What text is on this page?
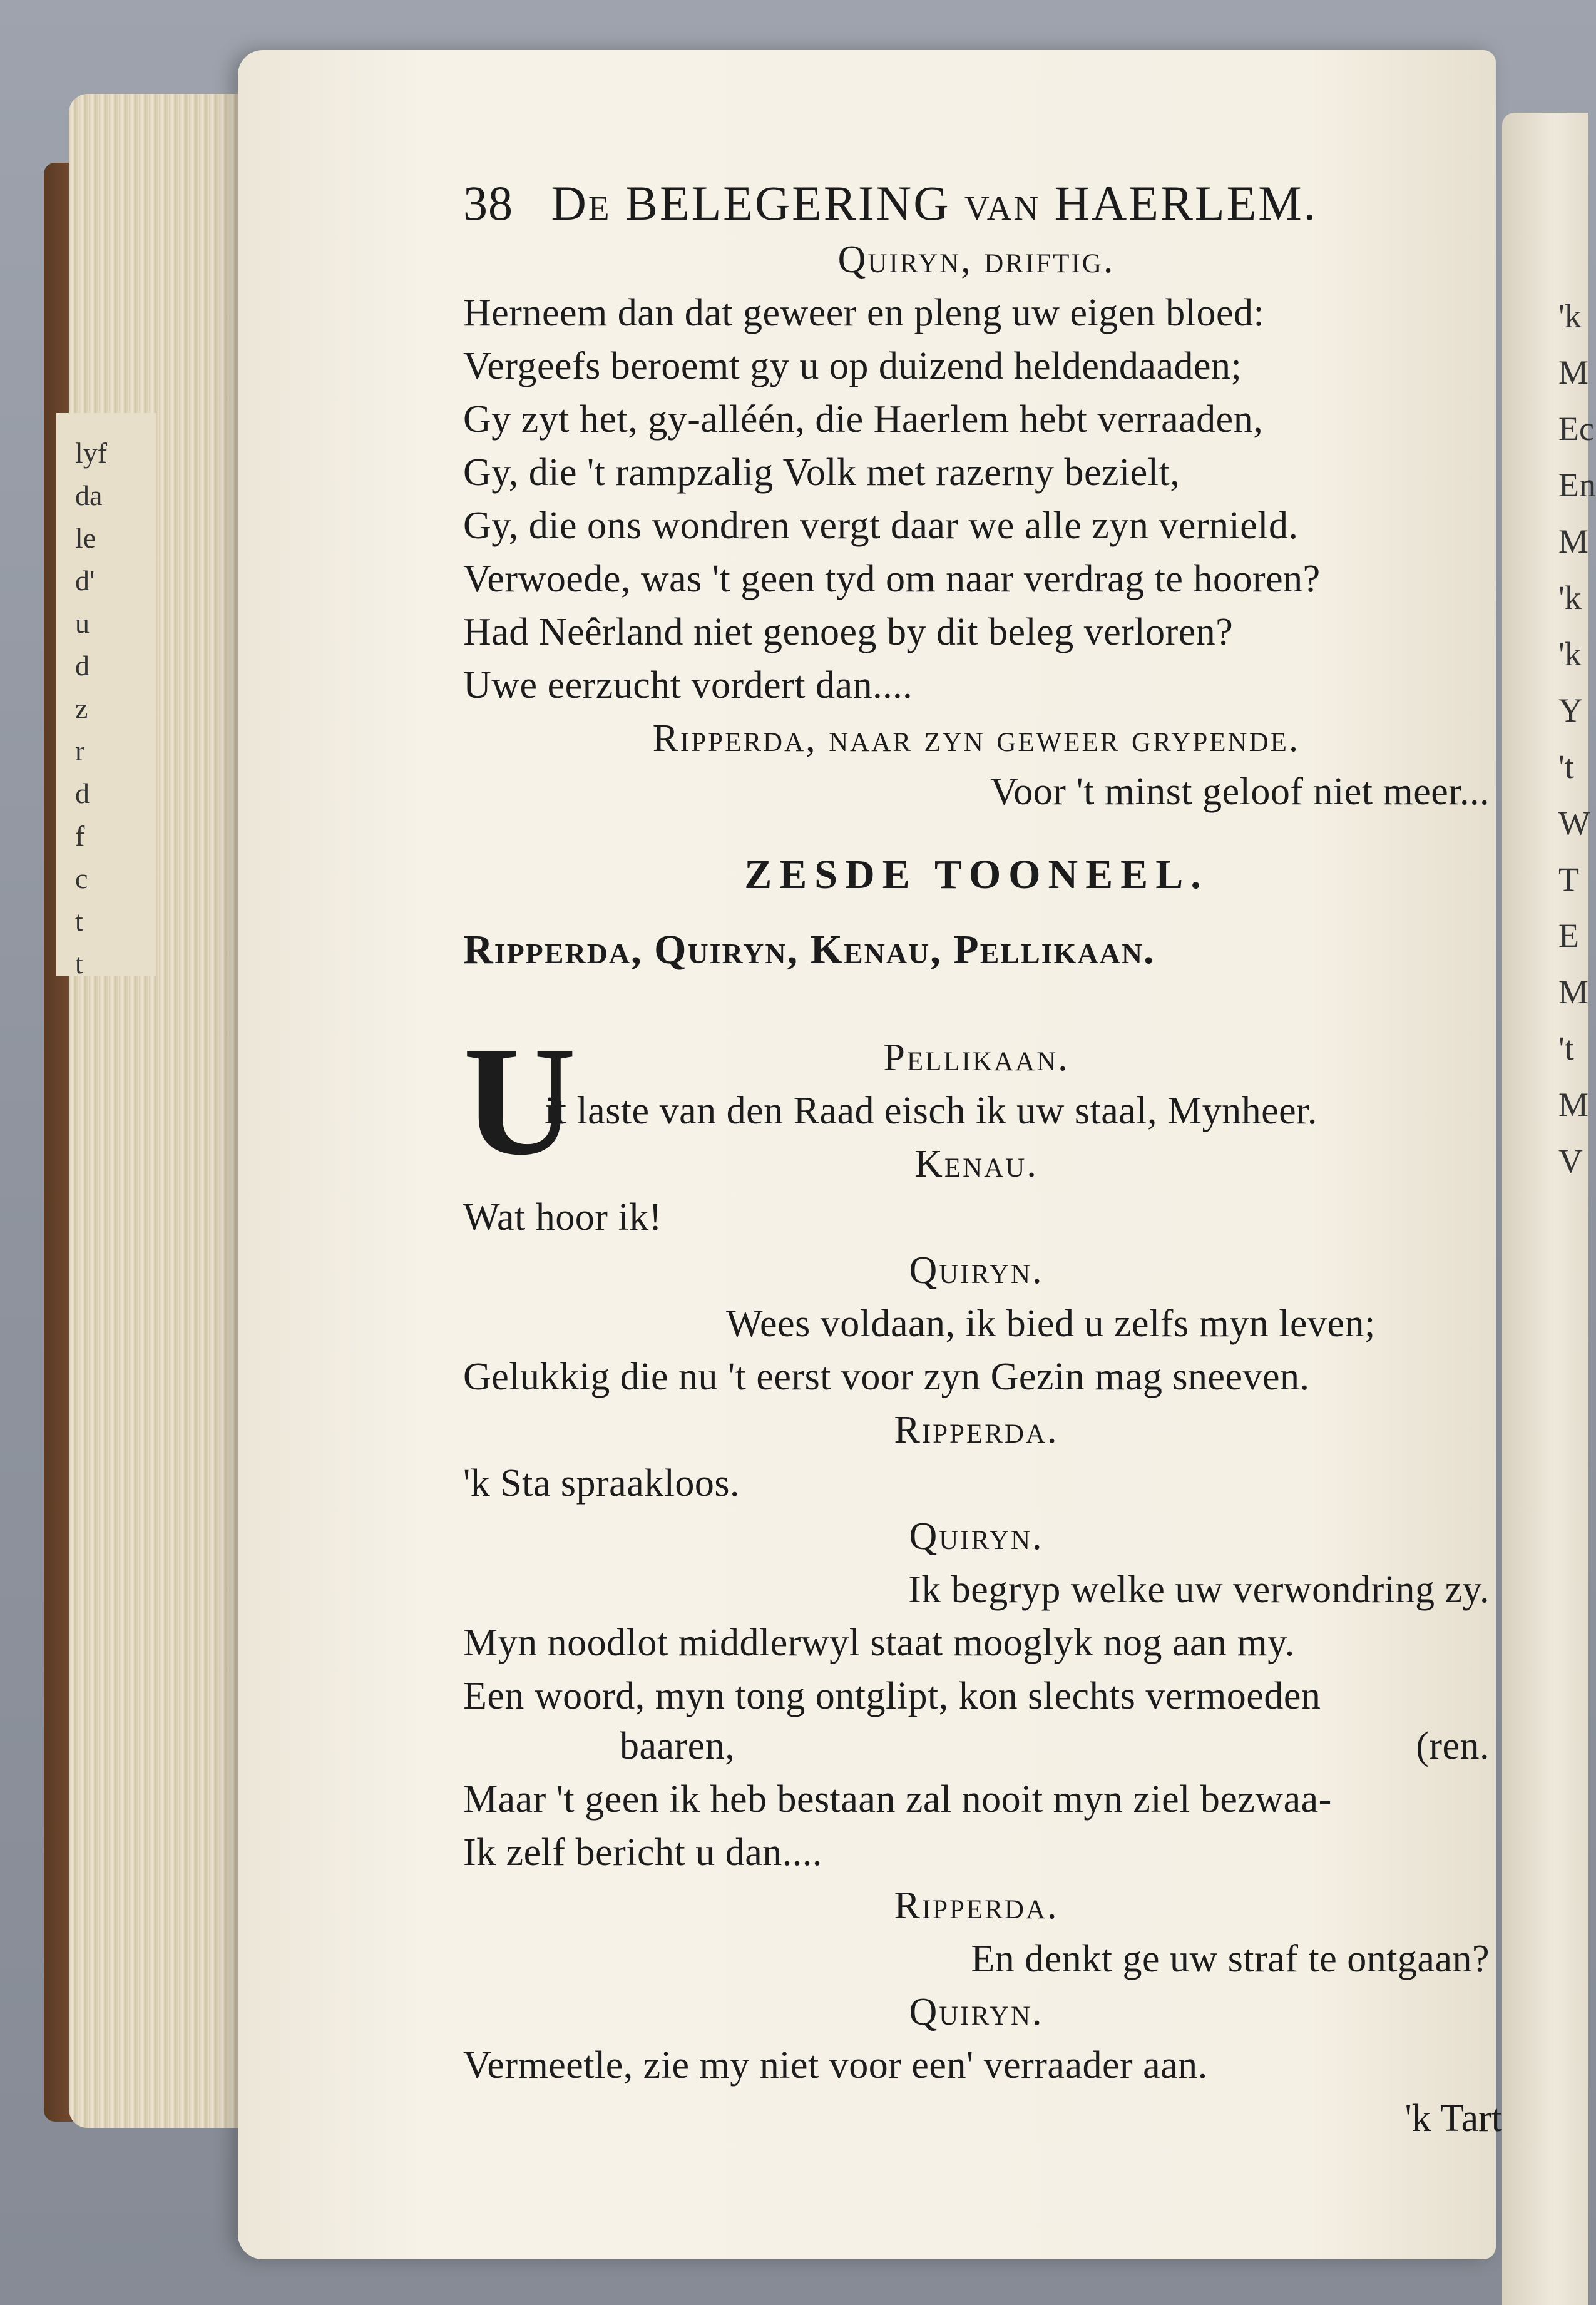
lyf
da
le
d'
u
d
z
r
d
f
c
t
t
'k
M
Ec
En
M
'k
'k
Y
't
W
T
E
M
't
M
V
38 De BELEGERING van HAERLEM.
Quiryn, driftig.
Herneem dan dat geweer en pleng uw eigen bloed:
Vergeefs beroemt gy u op duizend heldendaaden;
Gy zyt het, gy-alléén, die Haerlem hebt verraaden,
Gy, die 't rampzalig Volk met razerny bezielt,
Gy, die ons wondren vergt daar we alle zyn vernield.
Verwoede, was 't geen tyd om naar verdrag te hooren?
Had Neêrland niet genoeg by dit beleg verloren?
Uwe eerzucht vordert dan....
Ripperda, naar zyn geweer grypende.
Voor 't minst geloof niet meer...
ZESDE TOONEEL.
Ripperda, Quiryn, Kenau, Pellikaan.
U	Pellikaan.
it laste van den Raad eisch ik uw staal, Mynheer.
Kenau.
Wat hoor ik!
Quiryn.
Wees voldaan, ik bied u zelfs myn leven;
Gelukkig die nu 't eerst voor zyn Gezin mag sneeven.
Ripperda.
'k Sta spraakloos.
Quiryn.
Ik begryp welke uw verwondring zy.
Myn noodlot middlerwyl staat mooglyk nog aan my.
Een woord, myn tong ontglipt, kon slechts vermoeden
baaren,	(ren.
Maar 't geen ik heb bestaan zal nooit myn ziel bezwaa-
Ik zelf bericht u dan....
Ripperda.
En denkt ge uw straf te ontgaan?
Quiryn.
Vermeetle, zie my niet voor een' verraader aan.
'k Tart
